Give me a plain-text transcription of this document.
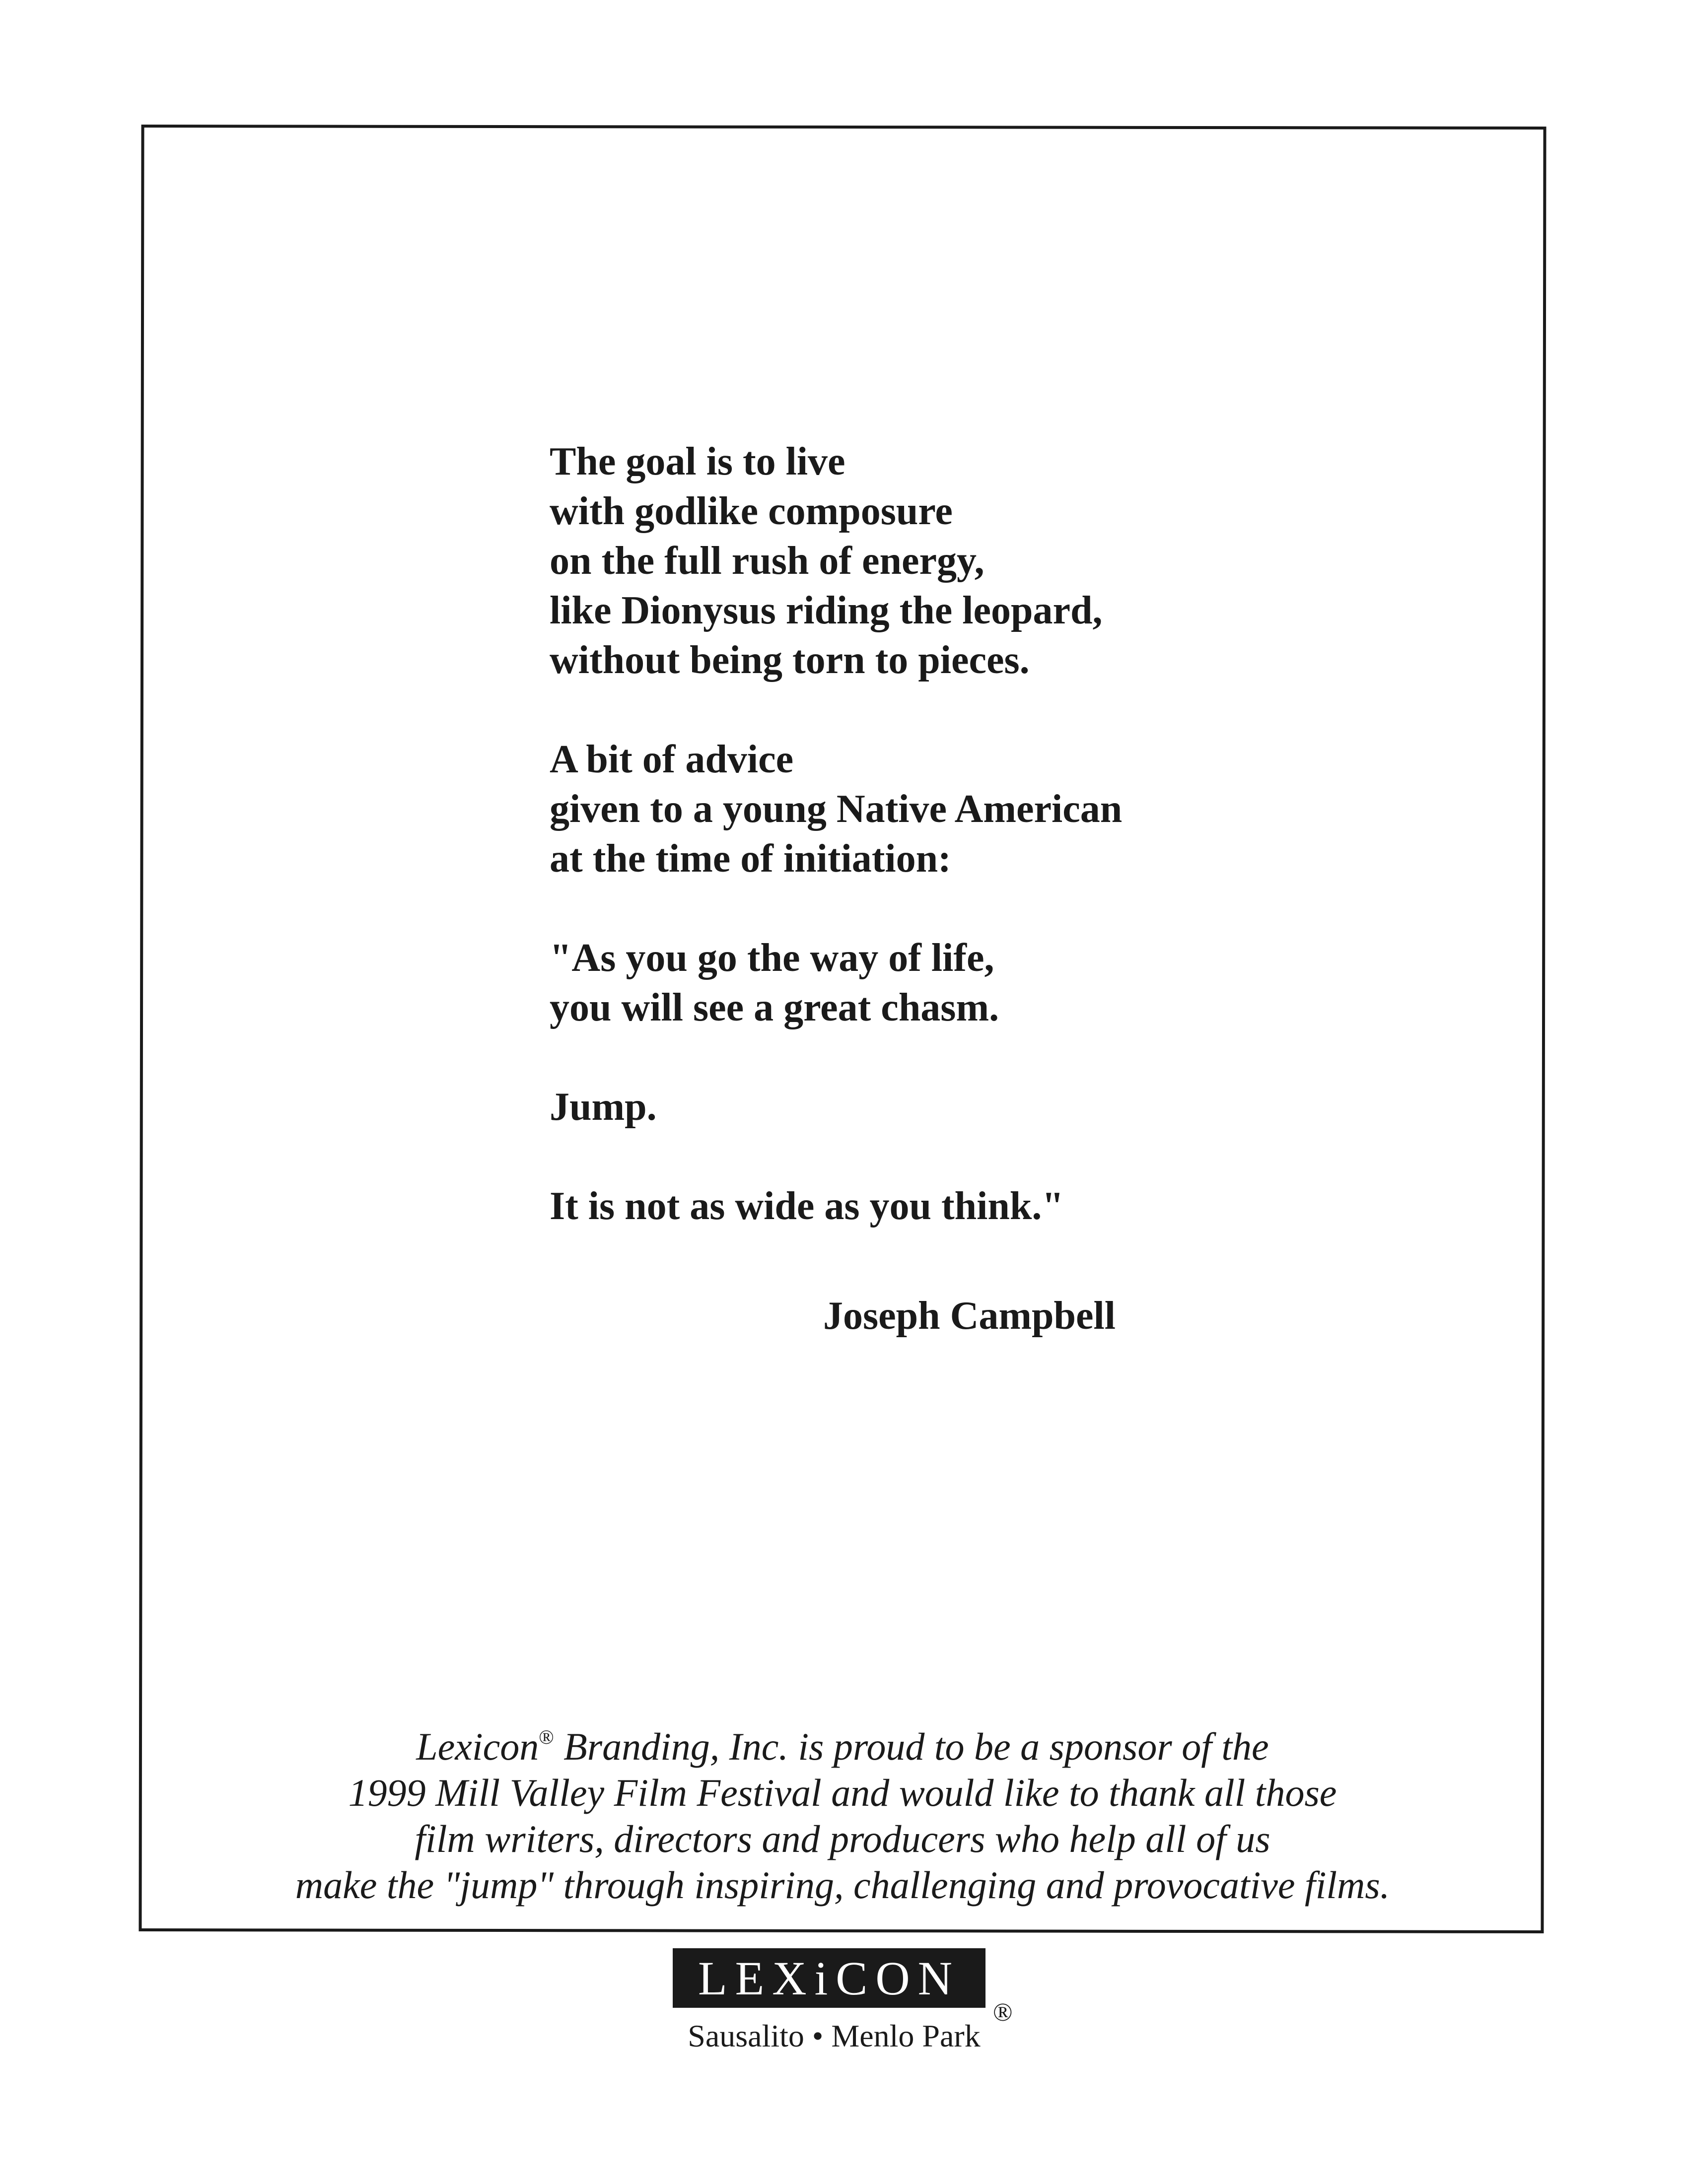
The goal is to live
with godlike composure
on the full rush of energy,
like Dionysus riding the leopard,
without being torn to pieces.
A bit of advice
given to a young Native American
at the time of initiation:
"As you go the way of life,
you will see a great chasm.
Jump.
It is not as wide as you think."
Joseph Campbell
Lexicon® Branding, Inc. is proud to be a sponsor of the
1999 Mill Valley Film Festival and would like to thank all those
film writers, directors and producers who help all of us
make the "jump" through inspiring, challenging and provocative films.
LEXiCON
®
Sausalito • Menlo Park
